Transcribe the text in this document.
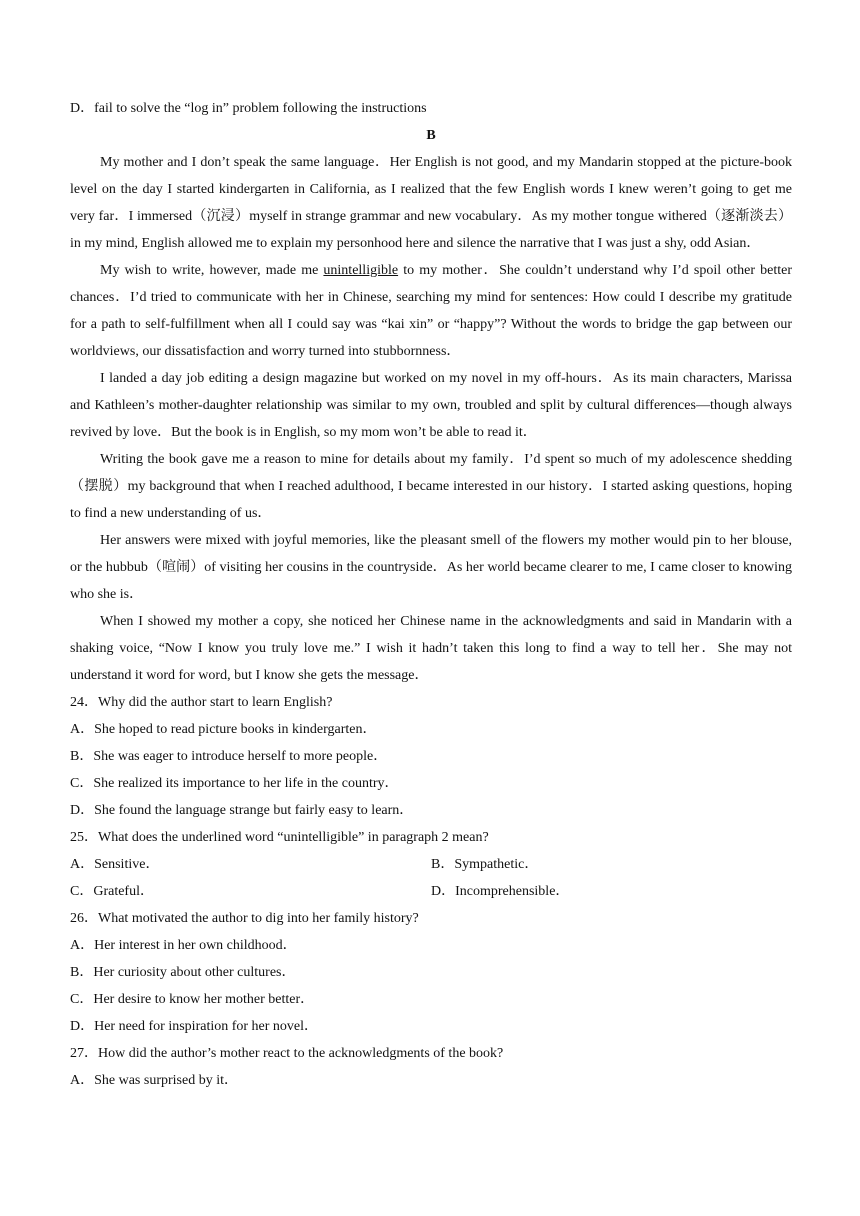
D．fail to solve the “log in” problem following the instructions
B

My mother and I don’t speak the same language．Her English is not good, and my Mandarin stopped at the picture-book level on the day I started kindergarten in California, as I realized that the few English words I knew weren’t going to get me very far．I immersed（沉浸）myself in strange grammar and new vocabulary．As my mother tongue withered（逐渐淡去）in my mind, English allowed me to explain my personhood here and silence the narrative that I was just a shy, odd Asian．

My wish to write, however, made me unintelligible to my mother．She couldn’t understand why I’d spoil other better chances．I’d tried to communicate with her in Chinese, searching my mind for sentences: How could I describe my gratitude for a path to self-fulfillment when all I could say was “kai xin” or “happy”? Without the words to bridge the gap between our worldviews, our dissatisfaction and worry turned into stubbornness．

I landed a day job editing a design magazine but worked on my novel in my off-hours．As its main characters, Marissa and Kathleen’s mother-daughter relationship was similar to my own, troubled and split by cultural differences—though always revived by love．But the book is in English, so my mom won’t be able to read it．

Writing the book gave me a reason to mine for details about my family．I’d spent so much of my adolescence shedding（摆脱）my background that when I reached adulthood, I became interested in our history．I started asking questions, hoping to find a new understanding of us．

Her answers were mixed with joyful memories, like the pleasant smell of the flowers my mother would pin to her blouse, or the hubbub（喧闹）of visiting her cousins in the countryside．As her world became clearer to me, I came closer to knowing who she is．

When I showed my mother a copy, she noticed her Chinese name in the acknowledgments and said in Mandarin with a shaking voice, “Now I know you truly love me.” I wish it hadn’t taken this long to find a way to tell her．She may not understand it word for word, but I know she gets the message．

24．Why did the author start to learn English?

A．She hoped to read picture books in kindergarten．

B．She was eager to introduce herself to more people．

C．She realized its importance to her life in the country．

D．She found the language strange but fairly easy to learn．

25．What does the underlined word “unintelligible” in paragraph 2 mean?

A．Sensitive．	B．Sympathetic．
C．Grateful．	D．Incomprehensible．

26．What motivated the author to dig into her family history?

A．Her interest in her own childhood．

B．Her curiosity about other cultures．

C．Her desire to know her mother better．

D．Her need for inspiration for her novel．

27．How did the author’s mother react to the acknowledgments of the book?

A．She was surprised by it．
